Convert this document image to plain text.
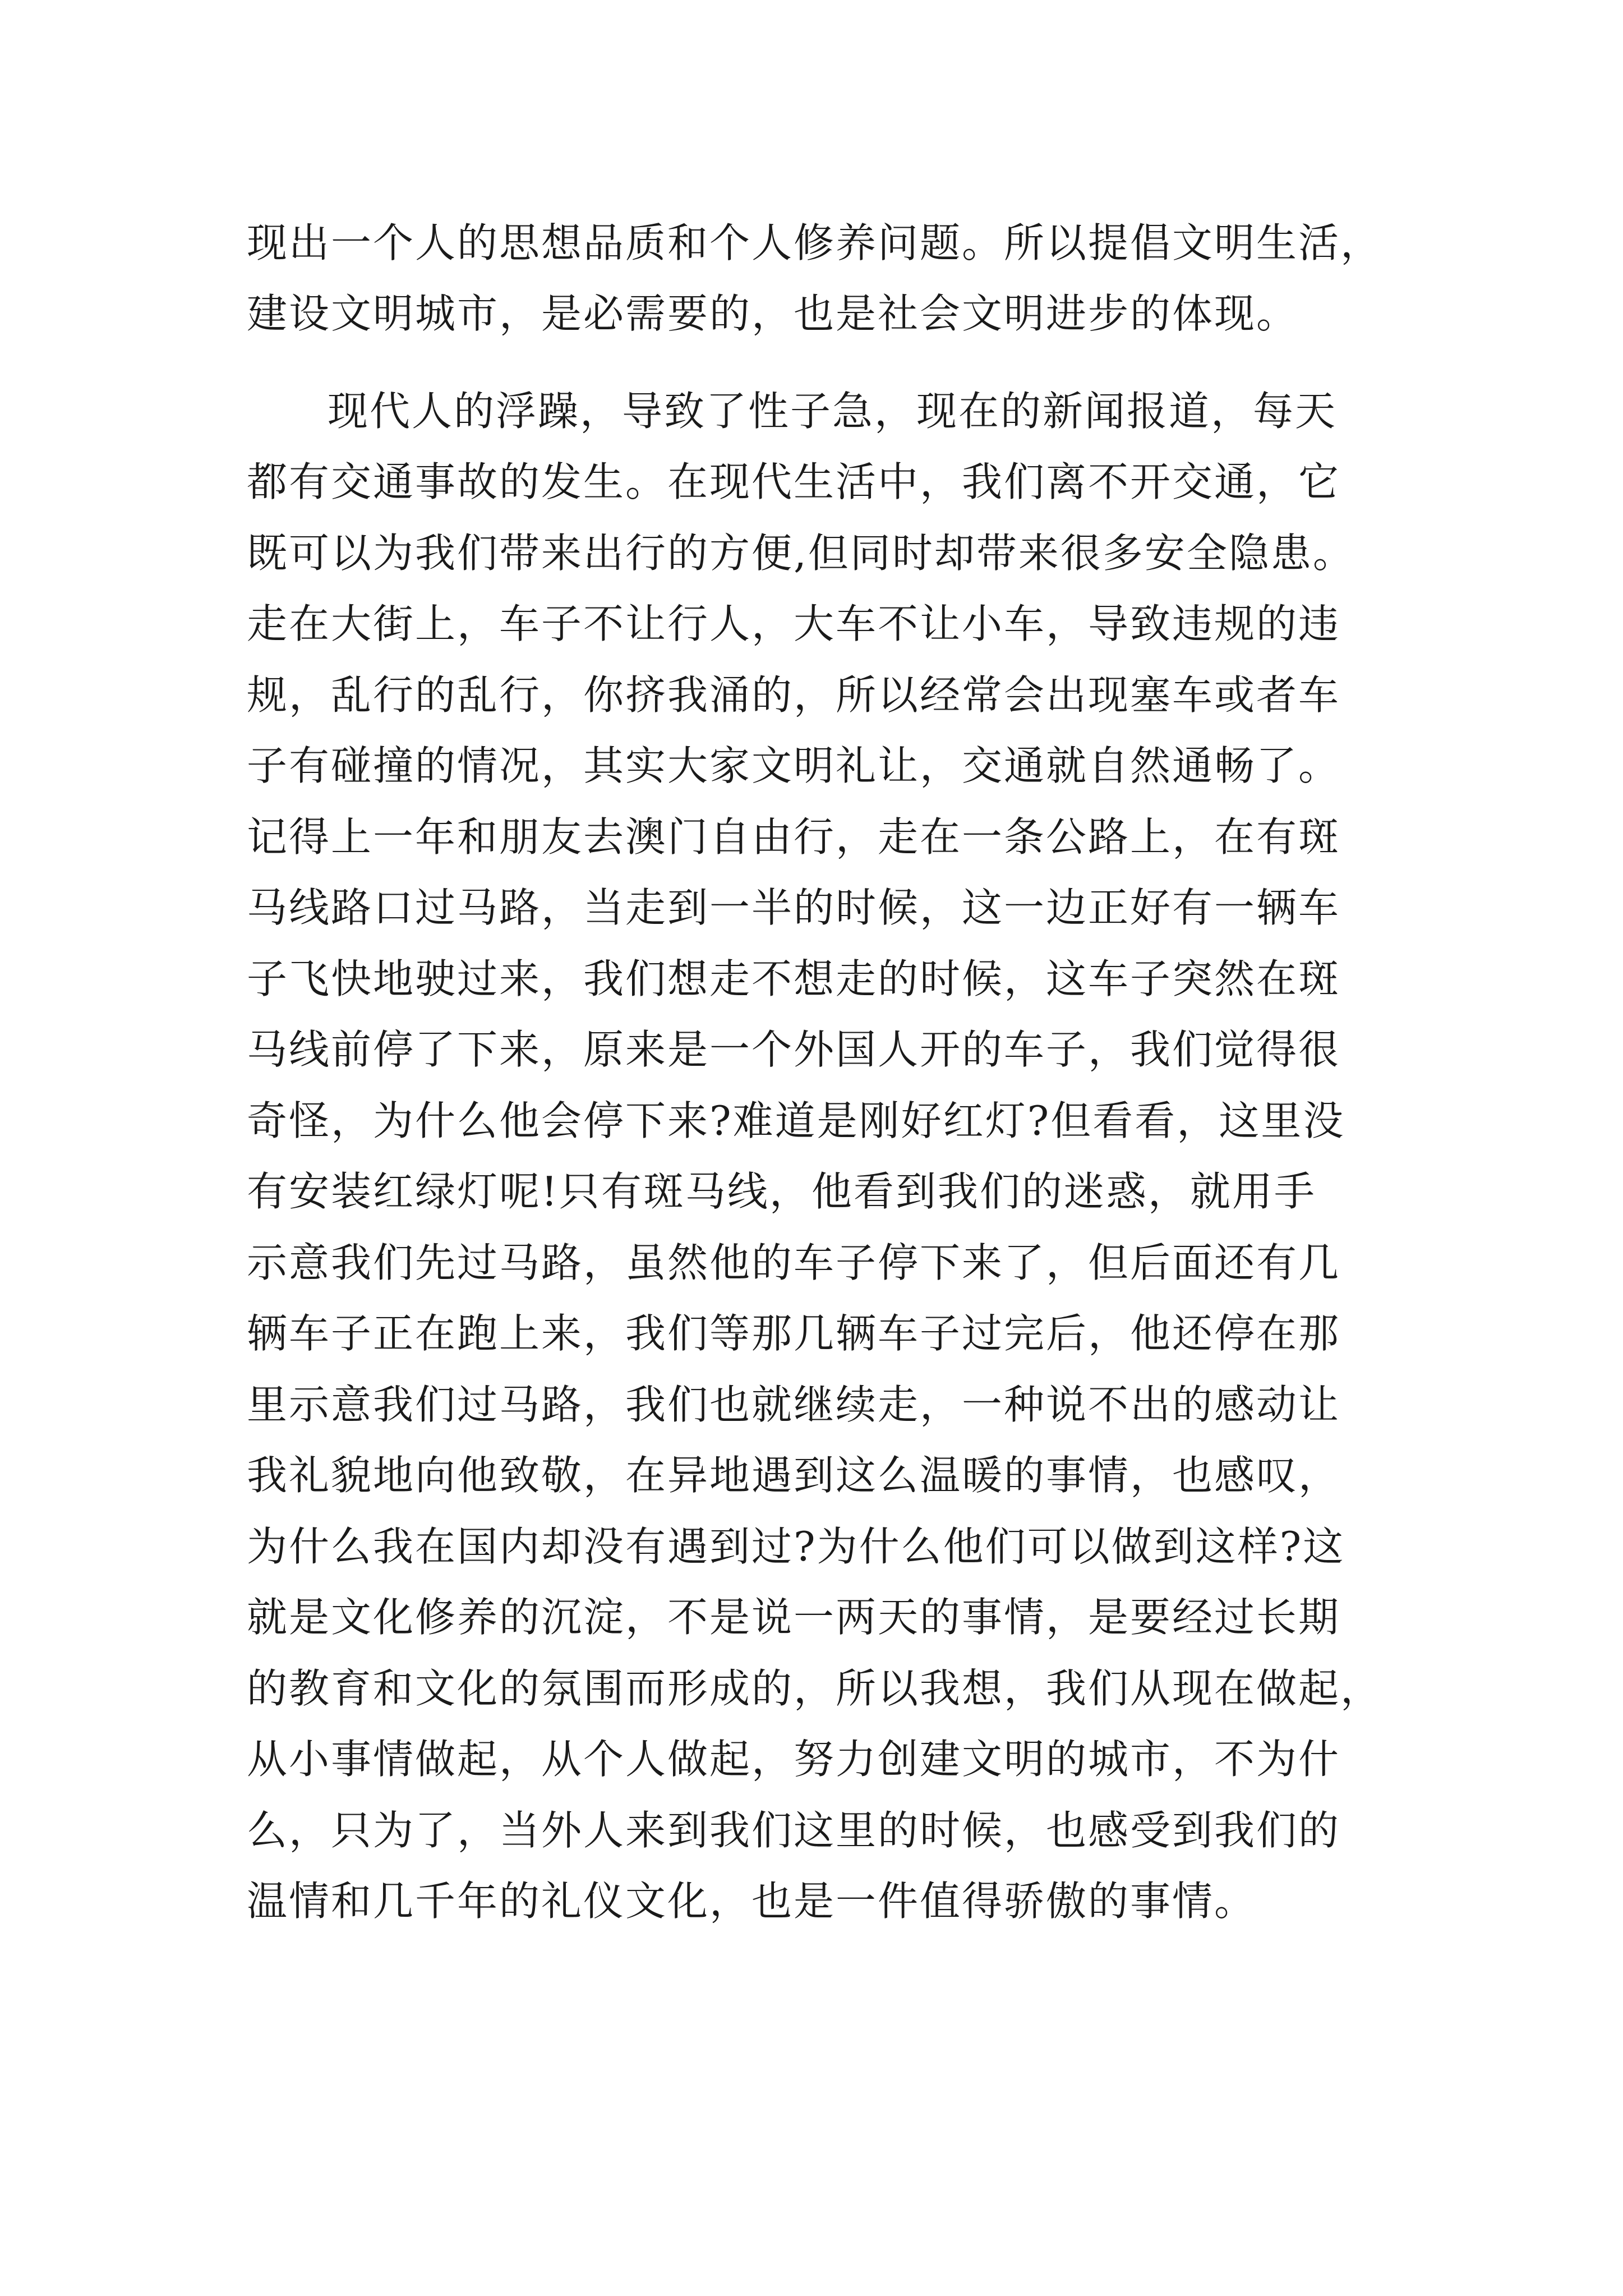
现出一个人的思想品质和个人修养问题。所以提倡文明生活，
建设文明城市，是必需要的，也是社会文明进步的体现。
现代人的浮躁，导致了性子急，现在的新闻报道，每天
都有交通事故的发生。在现代生活中，我们离不开交通，它
既可以为我们带来出行的方便,但同时却带来很多安全隐患。
走在大街上，车子不让行人，大车不让小车，导致违规的违
规，乱行的乱行，你挤我涌的，所以经常会出现塞车或者车
子有碰撞的情况，其实大家文明礼让，交通就自然通畅了。
记得上一年和朋友去澳门自由行，走在一条公路上，在有斑
马线路口过马路，当走到一半的时候，这一边正好有一辆车
子飞快地驶过来，我们想走不想走的时候，这车子突然在斑
马线前停了下来，原来是一个外国人开的车子，我们觉得很
奇怪，为什么他会停下来?难道是刚好红灯?但看看，这里没
有安装红绿灯呢!只有斑马线，他看到我们的迷惑，就用手
示意我们先过马路，虽然他的车子停下来了，但后面还有几
辆车子正在跑上来，我们等那几辆车子过完后，他还停在那
里示意我们过马路，我们也就继续走，一种说不出的感动让
我礼貌地向他致敬，在异地遇到这么温暖的事情，也感叹，
为什么我在国内却没有遇到过?为什么他们可以做到这样?这
就是文化修养的沉淀，不是说一两天的事情，是要经过长期
的教育和文化的氛围而形成的，所以我想，我们从现在做起，
从小事情做起，从个人做起，努力创建文明的城市，不为什
么，只为了，当外人来到我们这里的时候，也感受到我们的
温情和几千年的礼仪文化，也是一件值得骄傲的事情。
